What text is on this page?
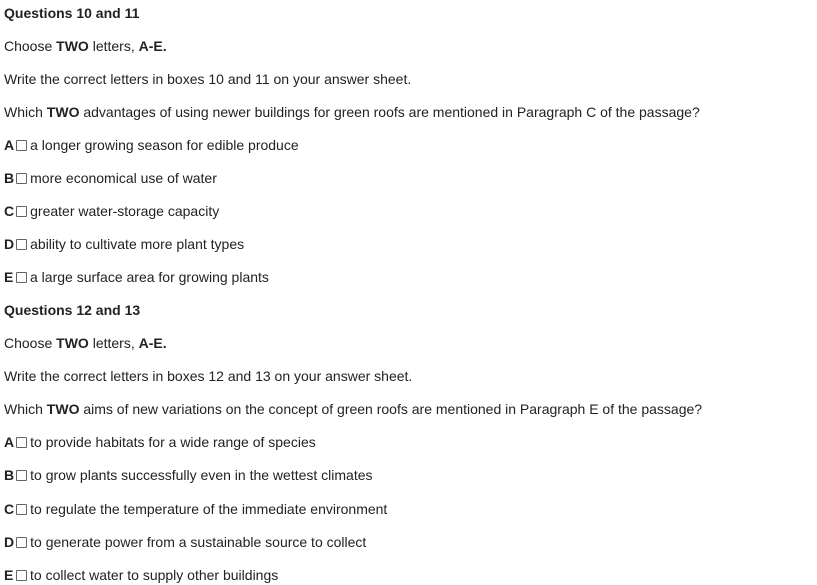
Questions 10 and 11
Choose TWO letters, A-E.
Write the correct letters in boxes 10 and 11 on your answer sheet.
Which TWO advantages of using newer buildings for green roofs are mentioned in Paragraph C of the passage?
A a longer growing season for edible produce
B more economical use of water
C greater water-storage capacity
D ability to cultivate more plant types
E a large surface area for growing plants
Questions 12 and 13
Choose TWO letters, A-E.
Write the correct letters in boxes 12 and 13 on your answer sheet.
Which TWO aims of new variations on the concept of green roofs are mentioned in Paragraph E of the passage?
A to provide habitats for a wide range of species
B to grow plants successfully even in the wettest climates
C to regulate the temperature of the immediate environment
D to generate power from a sustainable source to collect
E to collect water to supply other buildings
